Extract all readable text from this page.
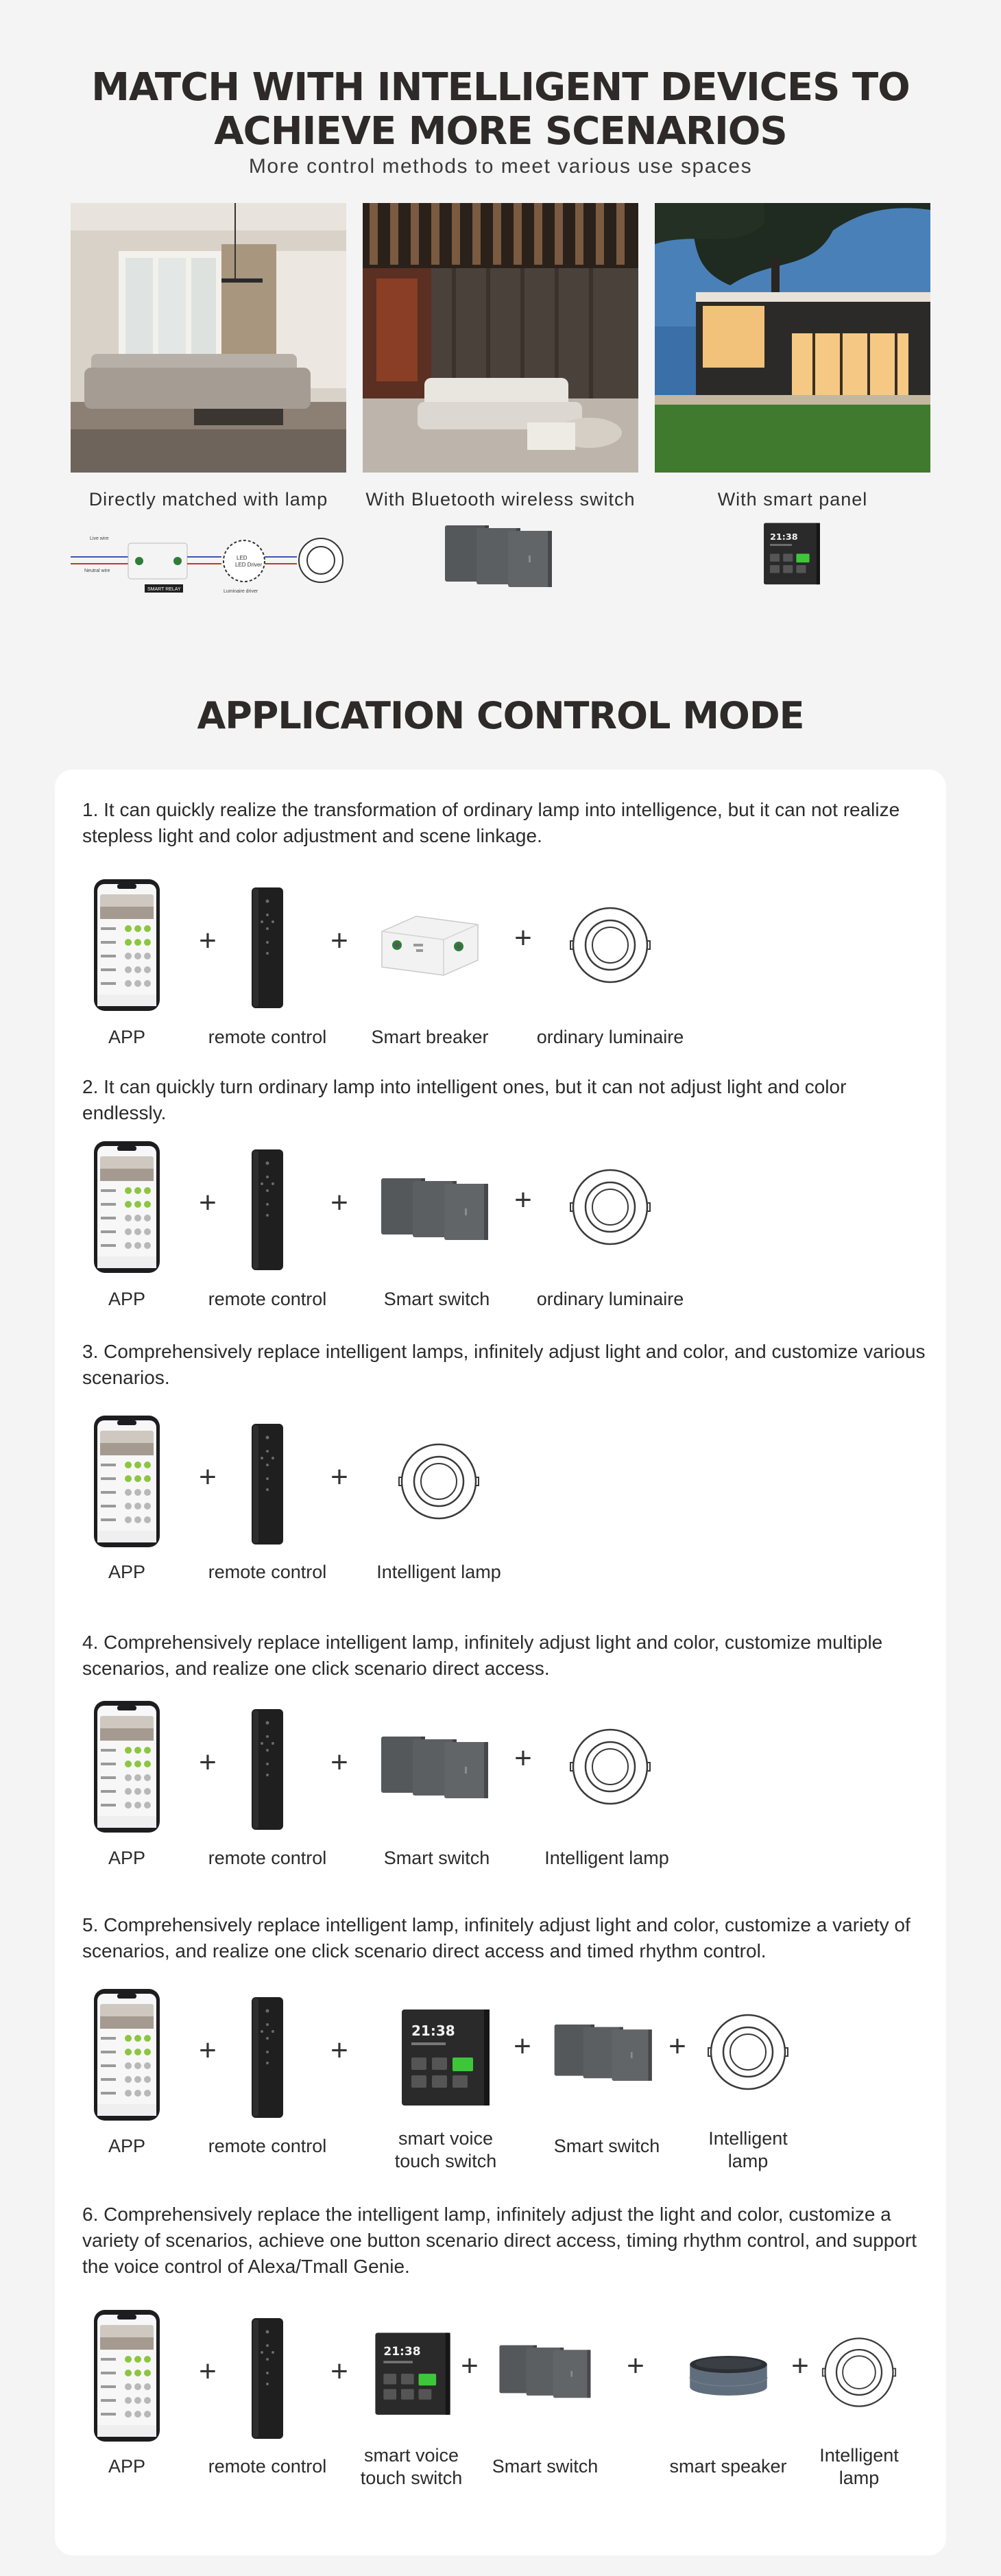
MATCH WITH INTELLIGENT DEVICES TO
ACHIEVE MORE SCENARIOS
More control methods to meet various use spaces
Directly matched with lamp	With Bluetooth wireless switch	With smart panel
Live wire
Neutral wire
SMART RELAY
LED
LED Driver
Luminaire driver
APPLICATION CONTROL MODE
1. It can quickly realize the transformation of ordinary lamp into intelligence, but it can not realize stepless light and color adjustment and scene linkage.
APP
+
remote control
+
Smart breaker
+
ordinary luminaire
2. It can quickly turn ordinary lamp into intelligent ones, but it can not adjust light and color endlessly.
APP
+
remote control
+
Smart switch
+
ordinary luminaire
3. Comprehensively replace intelligent lamps, infinitely adjust light and color, and customize various scenarios.
APP
+
remote control
+
Intelligent lamp
4. Comprehensively replace intelligent lamp, infinitely adjust light and color, customize multiple scenarios, and realize one click scenario direct access.
APP
+
remote control
+
Smart switch
+
Intelligent lamp
5. Comprehensively replace intelligent lamp, infinitely adjust light and color, customize a variety of scenarios, and realize one click scenario direct access and timed rhythm control.
APP
+
remote control
+
smart voice touch switch
+
Smart switch
+
Intelligent lamp
6. Comprehensively replace the intelligent lamp, infinitely adjust the light and color, customize a variety of scenarios, achieve one button scenario direct access, timing rhythm control, and support the voice control of Alexa/Tmall Genie.
APP
+
remote control
+
smart voice touch switch
+
Smart switch
+
smart speaker
+
Intelligent lamp
